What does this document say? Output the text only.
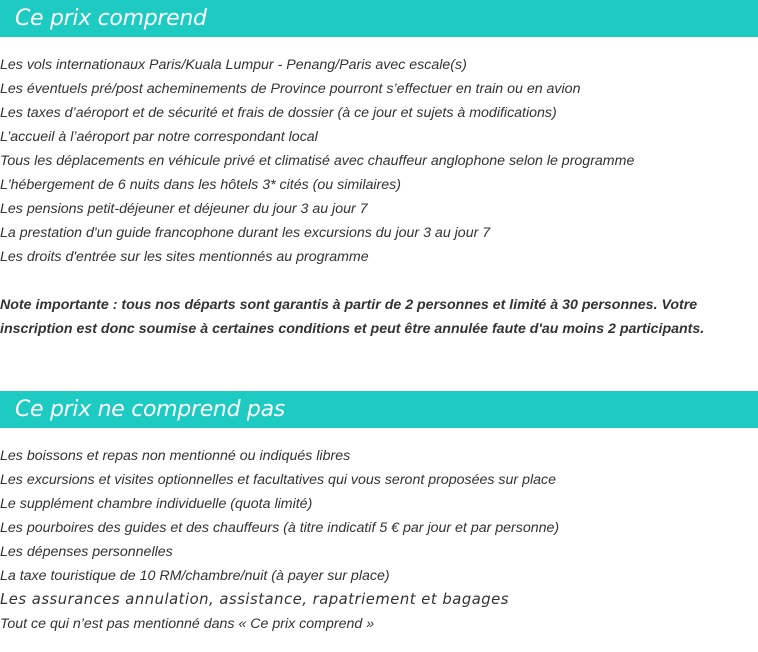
Ce prix comprend
Les vols internationaux Paris/Kuala Lumpur - Penang/Paris avec escale(s)
Les éventuels pré/post acheminements de Province pourront s’effectuer en train ou en avion
Les taxes d’aéroport et de sécurité et frais de dossier (à ce jour et sujets à modifications)
L’accueil à l’aéroport par notre correspondant local
Tous les déplacements en véhicule privé et climatisé avec chauffeur anglophone selon le programme
L'hébergement de 6 nuits dans les hôtels 3* cités (ou similaires)
Les pensions petit-déjeuner et déjeuner du jour 3 au jour 7
La prestation d'un guide francophone durant les excursions du jour 3 au jour 7
Les droits d'entrée sur les sites mentionnés au programme

Note importante : tous nos départs sont garantis à partir de 2 personnes et limité à 30 personnes. Votre inscription est donc soumise à certaines conditions et peut être annulée faute d'au moins 2 participants.

Ce prix ne comprend pas
Les boissons et repas non mentionné ou indiqués libres
Les excursions et visites optionnelles et facultatives qui vous seront proposées sur place
Le supplément chambre individuelle (quota limité)
Les pourboires des guides et des chauffeurs (à titre indicatif 5 € par jour et par personne)
Les dépenses personnelles
La taxe touristique de 10 RM/chambre/nuit (à payer sur place)
Les assurances annulation, assistance, rapatriement et bagages
Tout ce qui n’est pas mentionné dans « Ce prix comprend »
